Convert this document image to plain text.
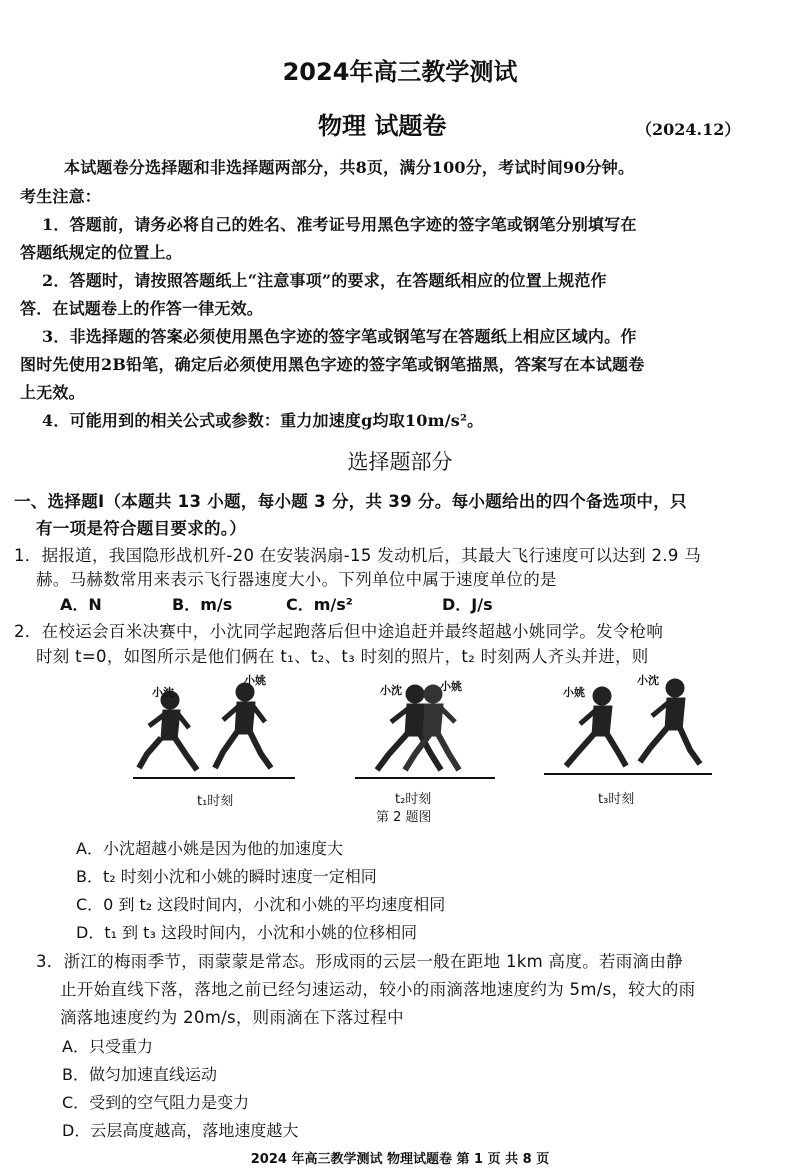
2024年高三教学测试
物理 试题卷	（2024.12）
本试题卷分选择题和非选择题两部分，共8页，满分100分，考试时间90分钟。
考生注意：
1．答题前，请务必将自己的姓名、准考证号用黑色字迹的签字笔或钢笔分别填写在
答题纸规定的位置上。
2．答题时，请按照答题纸上“注意事项”的要求，在答题纸相应的位置上规范作
答．在试题卷上的作答一律无效。
3．非选择题的答案必须使用黑色字迹的签字笔或钢笔写在答题纸上相应区域内。作
图时先使用2B铅笔，确定后必须使用黑色字迹的签字笔或钢笔描黑，答案写在本试题卷
上无效。
4．可能用到的相关公式或参数：重力加速度g均取10m/s²。
选择题部分
一、选择题Ⅰ（本题共 13 小题，每小题 3 分，共 39 分。每小题给出的四个备选项中，只
有一项是符合题目要求的。）
1．据报道，我国隐形战机歼-20 在安装涡扇-15 发动机后，其最大飞行速度可以达到 2.9 马
赫。马赫数常用来表示飞行器速度大小。下列单位中属于速度单位的是
A．N	B．m/s	C．m/s²	D．J/s
2．在校运会百米决赛中，小沈同学起跑落后但中途追赶并最终超越小姚同学。发令枪响
时刻 t=0，如图所示是他们俩在 t₁、t₂、t₃ 时刻的照片，t₂ 时刻两人齐头并进，则
小沈
小姚
小沈	小姚	小姚
小沈
t₁时刻	t₂时刻	t₃时刻
第 2 题图
A．小沈超越小姚是因为他的加速度大
B．t₂ 时刻小沈和小姚的瞬时速度一定相同
C．0 到 t₂ 这段时间内，小沈和小姚的平均速度相同
D．t₁ 到 t₃ 这段时间内，小沈和小姚的位移相同
3．浙江的梅雨季节，雨蒙蒙是常态。形成雨的云层一般在距地 1km 高度。若雨滴由静
止开始直线下落，落地之前已经匀速运动，较小的雨滴落地速度约为 5m/s，较大的雨
滴落地速度约为 20m/s，则雨滴在下落过程中
A．只受重力
B．做匀加速直线运动
C．受到的空气阻力是变力
D．云层高度越高，落地速度越大
2024 年高三教学测试 物理试题卷 第 1 页 共 8 页
